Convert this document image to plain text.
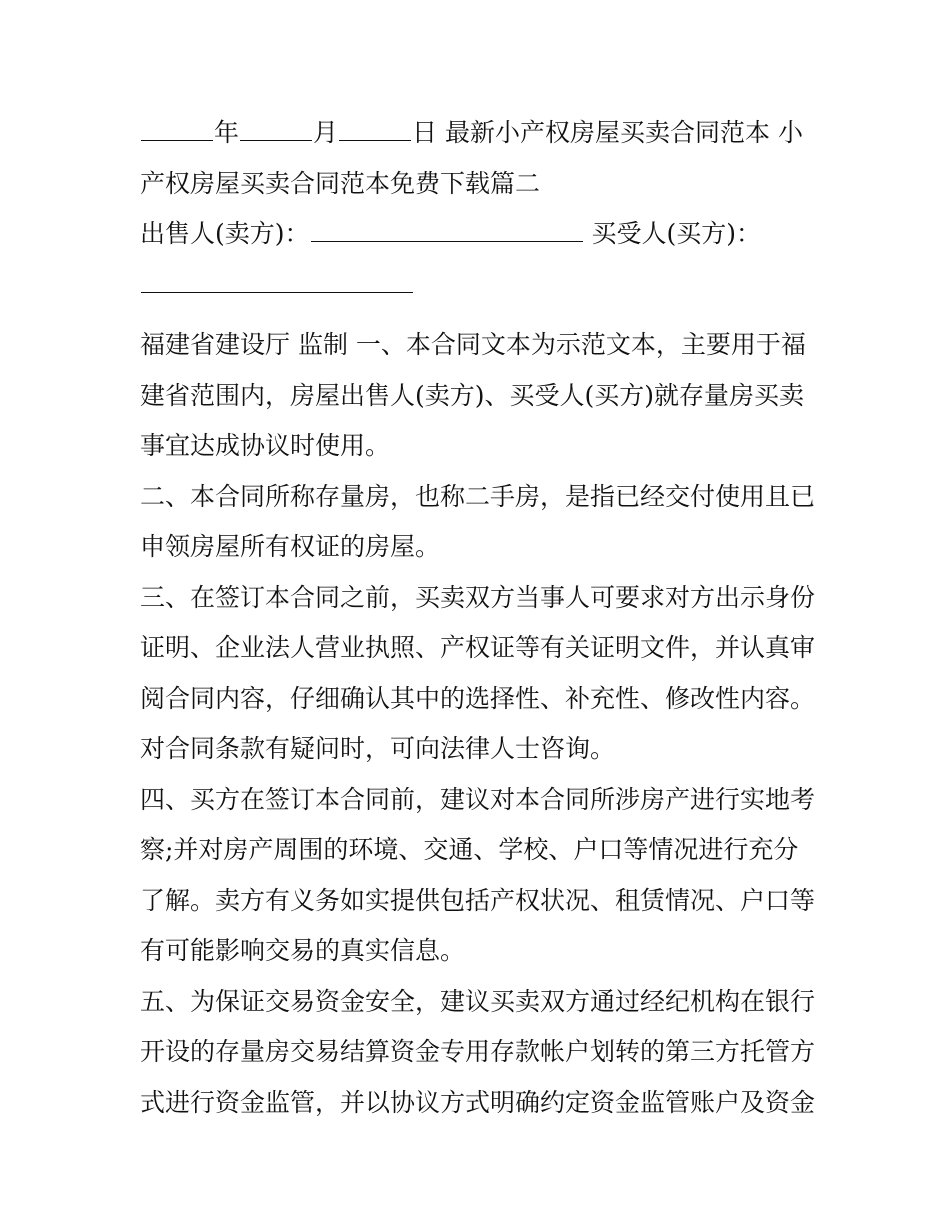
年	月	日 最新小产权房屋买卖合同范本 小
产权房屋买卖合同范本免费下载篇二
出售人(卖方)：	买受人(买方)：
福建省建设厅 监制 一、本合同文本为示范文本，主要用于福
建省范围内，房屋出售人(卖方)、买受人(买方)就存量房买卖
事宜达成协议时使用。
二、本合同所称存量房，也称二手房，是指已经交付使用且已
申领房屋所有权证的房屋。
三、在签订本合同之前，买卖双方当事人可要求对方出示身份
证明、企业法人营业执照、产权证等有关证明文件，并认真审
阅合同内容，仔细确认其中的选择性、补充性、修改性内容。
对合同条款有疑问时，可向法律人士咨询。
四、买方在签订本合同前，建议对本合同所涉房产进行实地考
察;并对房产周围的环境、交通、学校、户口等情况进行充分
了解。卖方有义务如实提供包括产权状况、租赁情况、户口等
有可能影响交易的真实信息。
五、为保证交易资金安全，建议买卖双方通过经纪机构在银行
开设的存量房交易结算资金专用存款帐户划转的第三方托管方
式进行资金监管，并以协议方式明确约定资金监管账户及资金
